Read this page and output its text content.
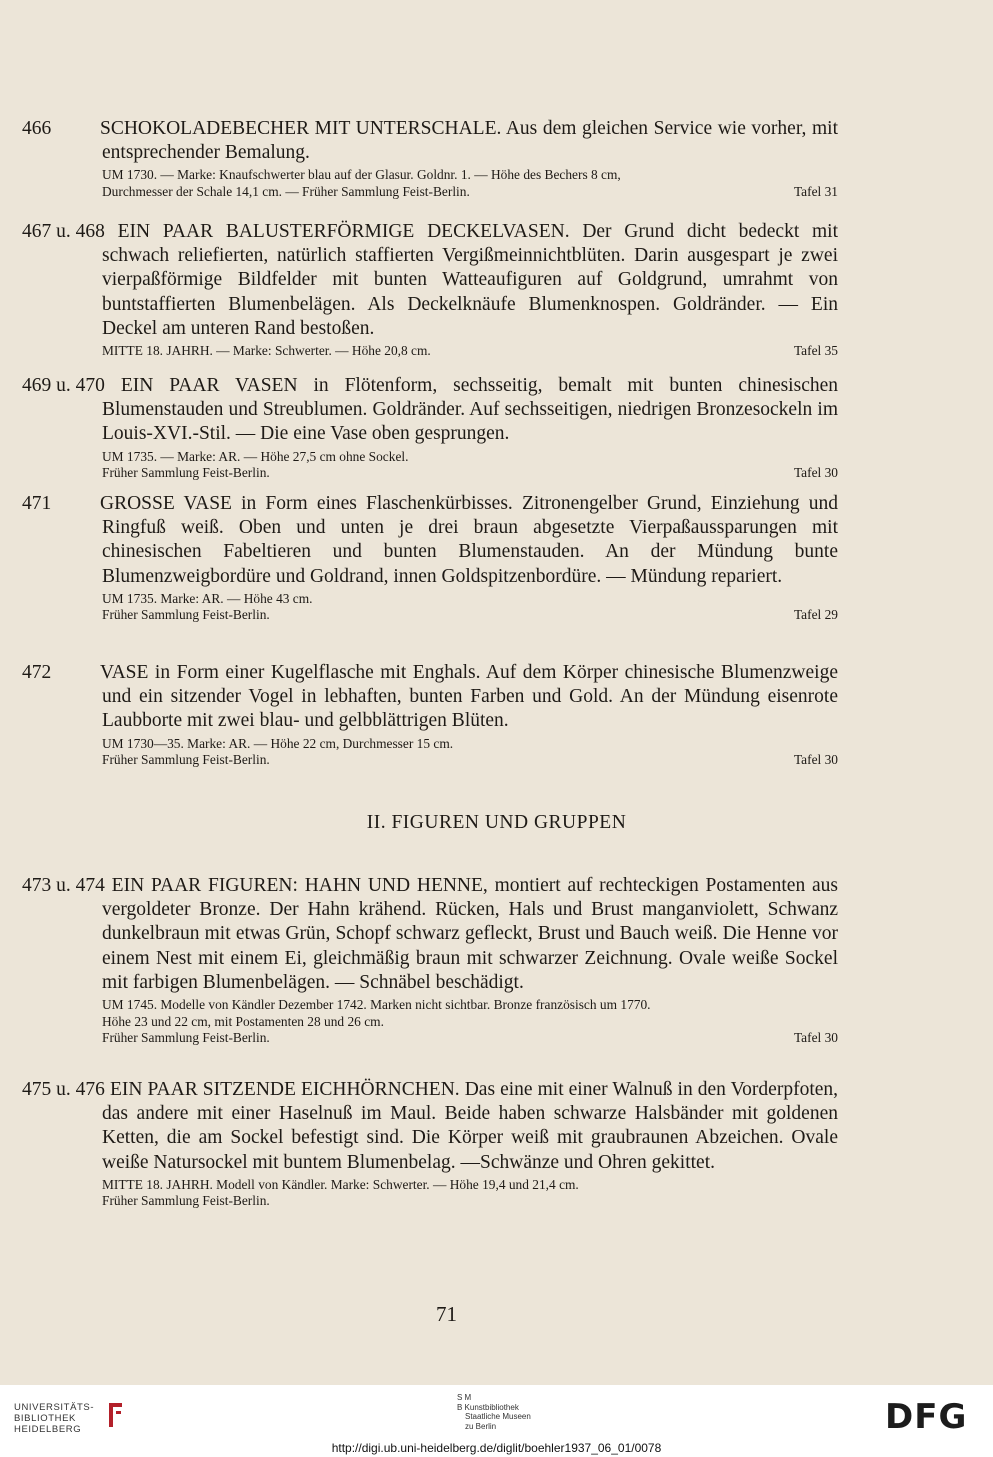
466	SCHOKOLADEBECHER MIT UNTERSCHALE. Aus dem gleichen Service wie vorher, mit entsprechender Bemalung.

UM 1730. — Marke: Knaufschwerter blau auf der Glasur. Goldnr. 1. — Höhe des Bechers 8 cm,
Durchmesser der Schale 14,1 cm. — Früher Sammlung Feist-Berlin.	Tafel 31

467 u. 468 EIN PAAR BALUSTERFÖRMIGE DECKELVASEN. Der Grund dicht bedeckt mit schwach reliefierten, natürlich staffierten Vergißmeinnichtblüten. Darin ausgespart je zwei vierpaßförmige Bildfelder mit bunten Watteaufiguren auf Goldgrund, umrahmt von buntstaffierten Blumenbelägen. Als Deckelknäufe Blumenknospen. Goldränder. — Ein Deckel am unteren Rand bestoßen.

MITTE 18. JAHRH. — Marke: Schwerter. — Höhe 20,8 cm.	Tafel 35

469 u. 470 EIN PAAR VASEN in Flötenform, sechsseitig, bemalt mit bunten chinesischen Blumenstauden und Streublumen. Goldränder. Auf sechsseitigen, niedrigen Bronzesockeln im Louis-XVI.-Stil. — Die eine Vase oben gesprungen.

UM 1735. — Marke: AR. — Höhe 27,5 cm ohne Sockel.
Früher Sammlung Feist-Berlin.	Tafel 30

471	GROSSE VASE in Form eines Flaschenkürbisses. Zitronengelber Grund, Einziehung und Ringfuß weiß. Oben und unten je drei braun abgesetzte Vierpaßaussparungen mit chinesischen Fabeltieren und bunten Blumenstauden. An der Mündung bunte Blumenzweigbordüre und Goldrand, innen Goldspitzenbordüre. — Mündung repariert.

UM 1735. Marke: AR. — Höhe 43 cm.
Früher Sammlung Feist-Berlin.	Tafel 29

472	VASE in Form einer Kugelflasche mit Enghals. Auf dem Körper chinesische Blumenzweige und ein sitzender Vogel in lebhaften, bunten Farben und Gold. An der Mündung eisenrote Laubborte mit zwei blau- und gelbblättrigen Blüten.

UM 1730—35. Marke: AR. — Höhe 22 cm, Durchmesser 15 cm.
Früher Sammlung Feist-Berlin.	Tafel 30
II. FIGUREN UND GRUPPEN

473 u. 474 EIN PAAR FIGUREN: HAHN UND HENNE, montiert auf rechteckigen Postamenten aus vergoldeter Bronze. Der Hahn krähend. Rücken, Hals und Brust manganviolett, Schwanz dunkelbraun mit etwas Grün, Schopf schwarz gefleckt, Brust und Bauch weiß. Die Henne vor einem Nest mit einem Ei, gleichmäßig braun mit schwarzer Zeichnung. Ovale weiße Sockel mit farbigen Blumenbelägen. — Schnäbel beschädigt.

UM 1745. Modelle von Kändler Dezember 1742. Marken nicht sichtbar. Bronze französisch um 1770.
Höhe 23 und 22 cm, mit Postamenten 28 und 26 cm.
Früher Sammlung Feist-Berlin.	Tafel 30

475 u. 476 EIN PAAR SITZENDE EICHHÖRNCHEN. Das eine mit einer Walnuß in den Vorderpfoten, das andere mit einer Haselnuß im Maul. Beide haben schwarze Halsbänder mit goldenen Ketten, die am Sockel befestigt sind. Die Körper weiß mit graubraunen Abzeichen. Ovale weiße Natursockel mit buntem Blumenbelag. —Schwänze und Ohren gekittet.

MITTE 18. JAHRH. Modell von Kändler. Marke: Schwerter. — Höhe 19,4 und 21,4 cm.
Früher Sammlung Feist-Berlin.
71
UNIVERSITÄTS-
BIBLIOTHEK
HEIDELBERG
S M
B Kunstbibliothek
Staatliche Museen
zu Berlin	DFG
http://digi.ub.uni-heidelberg.de/diglit/boehler1937_06_01/0078
